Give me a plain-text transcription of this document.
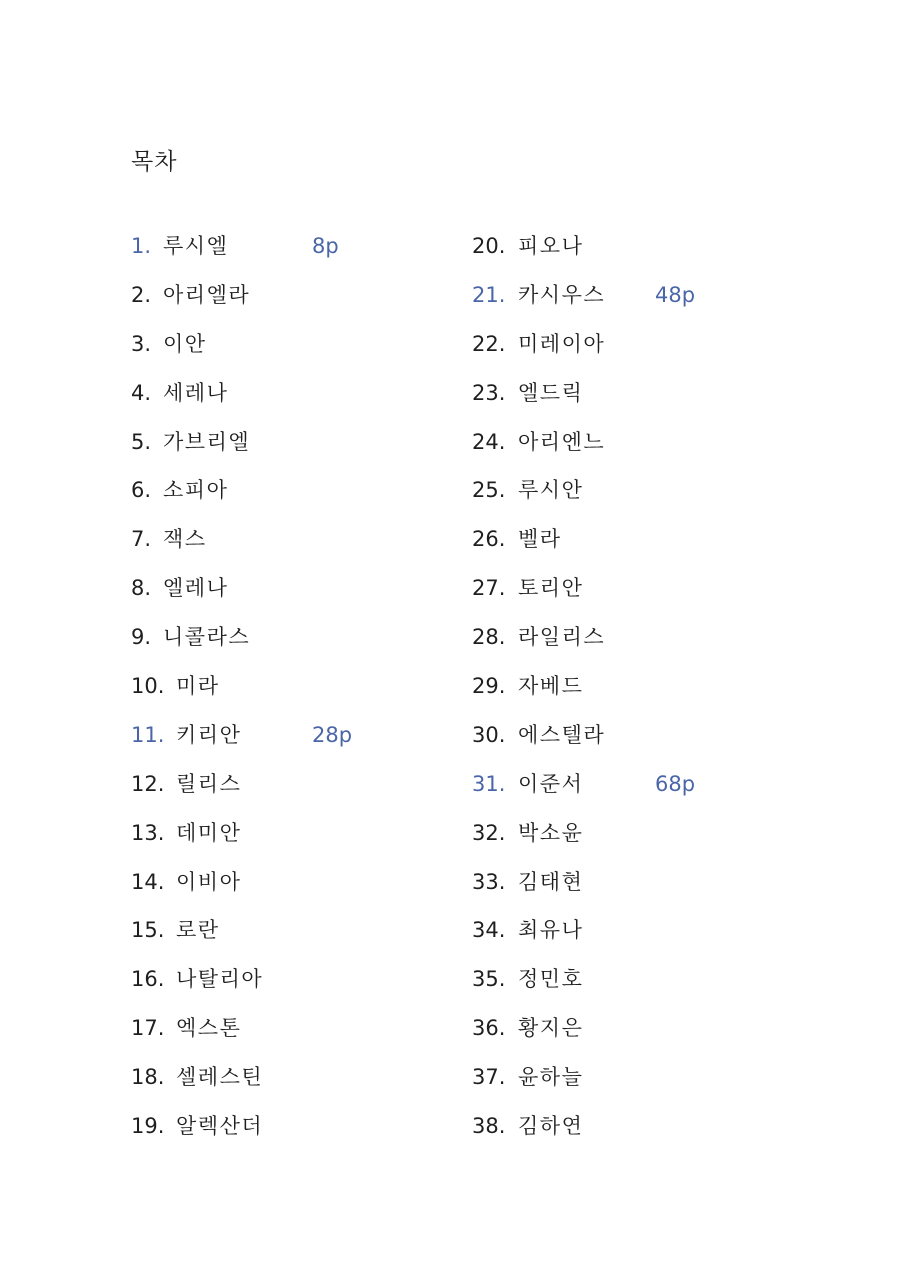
목차
1. 루시엘	8p
2. 아리엘라
3. 이안
4. 세레나
5. 가브리엘
6. 소피아
7. 잭스
8. 엘레나
9. 니콜라스
10. 미라
11. 키리안	28p
12. 릴리스
13. 데미안
14. 이비아
15. 로란
16. 나탈리아
17. 엑스톤
18. 셀레스틴
19. 알렉산더
20. 피오나
21. 카시우스 48p
22. 미레이아
23. 엘드릭
24. 아리엔느
25. 루시안
26. 벨라
27. 토리안
28. 라일리스
29. 자베드
30. 에스텔라
31. 이준서	68p
32. 박소윤
33. 김태현
34. 최유나
35. 정민호
36. 황지은
37. 윤하늘
38. 김하연
